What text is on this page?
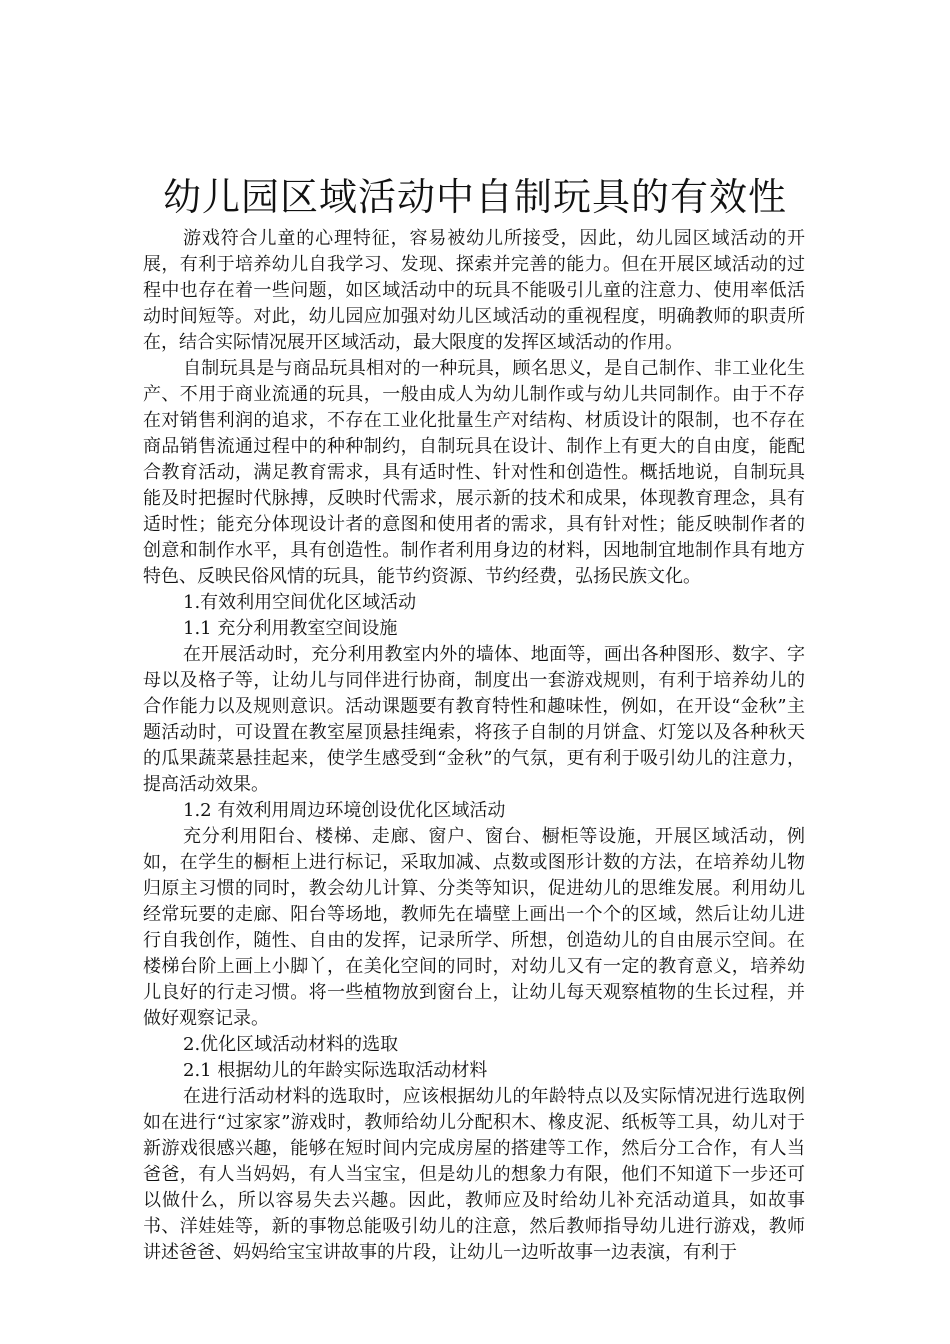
幼儿园区域活动中自制玩具的有效性

游戏符合儿童的心理特征，容易被幼儿所接受，因此，幼儿园区域活动的开展，有利于培养幼儿自我学习、发现、探索并完善的能力。但在开展区域活动的过程中也存在着一些问题，如区域活动中的玩具不能吸引儿童的注意力、使用率低活动时间短等。对此，幼儿园应加强对幼儿区域活动的重视程度，明确教师的职责所在，结合实际情况展开区域活动，最大限度的发挥区域活动的作用。

自制玩具是与商品玩具相对的一种玩具，顾名思义，是自己制作、非工业化生产、不用于商业流通的玩具，一般由成人为幼儿制作或与幼儿共同制作。由于不存在对销售利润的追求，不存在工业化批量生产对结构、材质设计的限制，也不存在商品销售流通过程中的种种制约，自制玩具在设计、制作上有更大的自由度，能配合教育活动，满足教育需求，具有适时性、针对性和创造性。概括地说，自制玩具能及时把握时代脉搏，反映时代需求，展示新的技术和成果，体现教育理念，具有适时性；能充分体现设计者的意图和使用者的需求，具有针对性；能反映制作者的创意和制作水平，具有创造性。制作者利用身边的材料，因地制宜地制作具有地方特色、反映民俗风情的玩具，能节约资源、节约经费，弘扬民族文化。

1.有效利用空间优化区域活动

1.1 充分利用教室空间设施

在开展活动时，充分利用教室内外的墙体、地面等，画出各种图形、数字、字母以及格子等，让幼儿与同伴进行协商，制度出一套游戏规则，有利于培养幼儿的合作能力以及规则意识。活动课题要有教育特性和趣味性，例如，在开设“金秋”主题活动时，可设置在教室屋顶悬挂绳索，将孩子自制的月饼盒、灯笼以及各种秋天的瓜果蔬菜悬挂起来，使学生感受到“金秋”的气氛，更有利于吸引幼儿的注意力，提高活动效果。

1.2 有效利用周边环境创设优化区域活动

充分利用阳台、楼梯、走廊、窗户、窗台、橱柜等设施，开展区域活动，例如，在学生的橱柜上进行标记，采取加减、点数或图形计数的方法，在培养幼儿物归原主习惯的同时，教会幼儿计算、分类等知识，促进幼儿的思维发展。利用幼儿经常玩要的走廊、阳台等场地，教师先在墙壁上画出一个个的区域，然后让幼儿进行自我创作，随性、自由的发挥，记录所学、所想，创造幼儿的自由展示空间。在楼梯台阶上画上小脚丫，在美化空间的同时，对幼儿又有一定的教育意义，培养幼儿良好的行走习惯。将一些植物放到窗台上，让幼儿每天观察植物的生长过程，并做好观察记录。

2.优化区域活动材料的选取

2.1 根据幼儿的年龄实际选取活动材料

在进行活动材料的选取时，应该根据幼儿的年龄特点以及实际情况进行选取例如在进行“过家家”游戏时，教师给幼儿分配积木、橡皮泥、纸板等工具，幼儿对于新游戏很感兴趣，能够在短时间内完成房屋的搭建等工作，然后分工合作，有人当爸爸，有人当妈妈，有人当宝宝，但是幼儿的想象力有限，他们不知道下一步还可以做什么，所以容易失去兴趣。因此，教师应及时给幼儿补充活动道具，如故事书、洋娃娃等，新的事物总能吸引幼儿的注意，然后教师指导幼儿进行游戏，教师讲述爸爸、妈妈给宝宝讲故事的片段，让幼儿一边听故事一边表演，有利于
